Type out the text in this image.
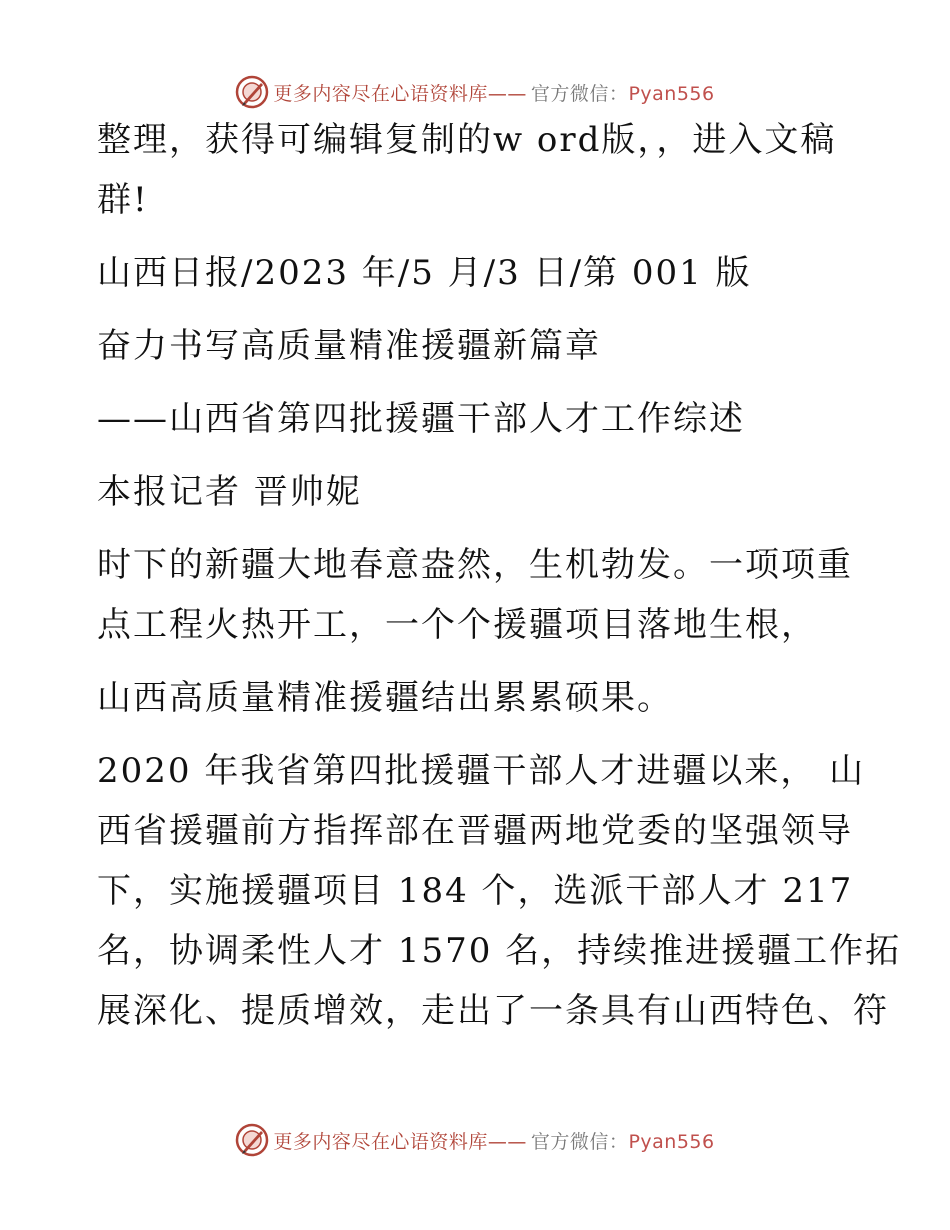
更多内容尽在心语资料库—— 官方微信：Pyan556
整理，获得可编辑复制的w ord版，，进入文稿
群!
山西日报/2023 年/5 月/3 日/第 001 版
奋力书写高质量精准援疆新篇章
——山西省第四批援疆干部人才工作综述
本报记者 晋帅妮
时下的新疆大地春意盎然，生机勃发。一项项重
点工程火热开工，一个个援疆项目落地生根，
山西高质量精准援疆结出累累硕果。
2020 年我省第四批援疆干部人才进疆以来， 山
西省援疆前方指挥部在晋疆两地党委的坚强领导
下，实施援疆项目 184 个，选派干部人才 217
名，协调柔性人才 1570 名，持续推进援疆工作拓
展深化、提质增效，走出了一条具有山西特色、符
更多内容尽在心语资料库—— 官方微信：Pyan556
